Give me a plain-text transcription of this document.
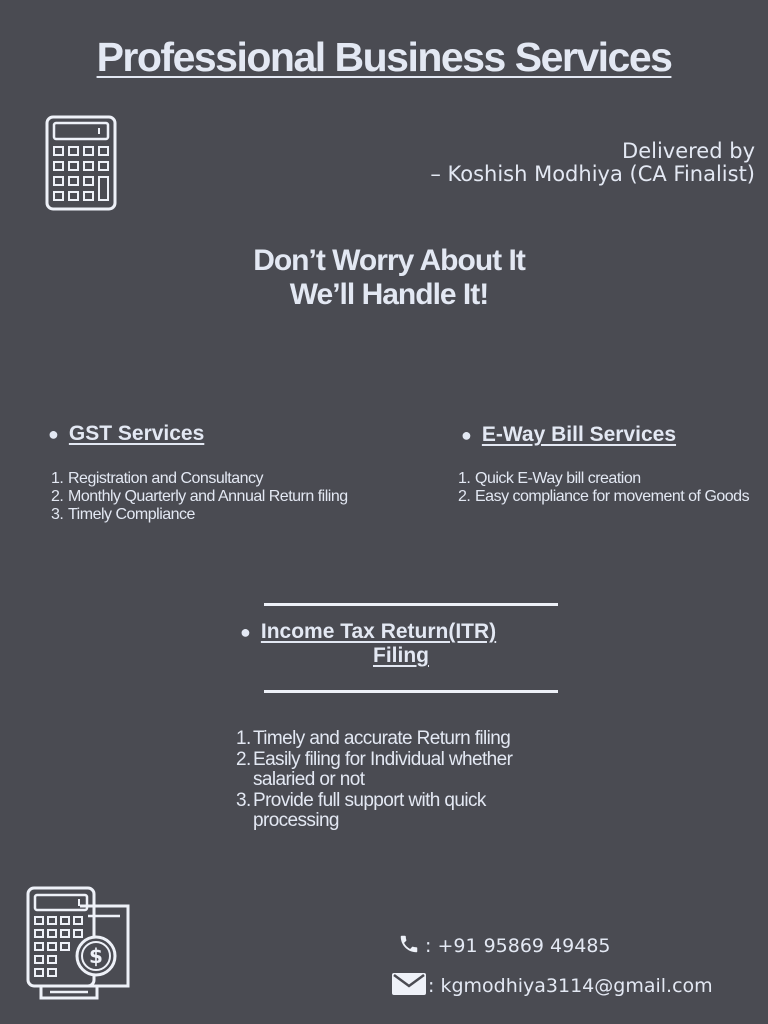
Professional Business Services
Delivered by
– Koshish Modhiya (CA Finalist)
Don’t Worry About It
We’ll Handle It!
● GST Services
Registration and Consultancy
Monthly Quarterly and Annual Return filing
Timely Compliance
● E-Way Bill Services
Quick E-Way bill creation
Easy compliance for movement of Goods
● Income Tax Return(ITR)
Filing
Timely and accurate Return filing
Easily filing for Individual whether salaried or not
Provide full support with quick processing
$	: +91 95869 49485
: kgmodhiya3114@gmail.com
